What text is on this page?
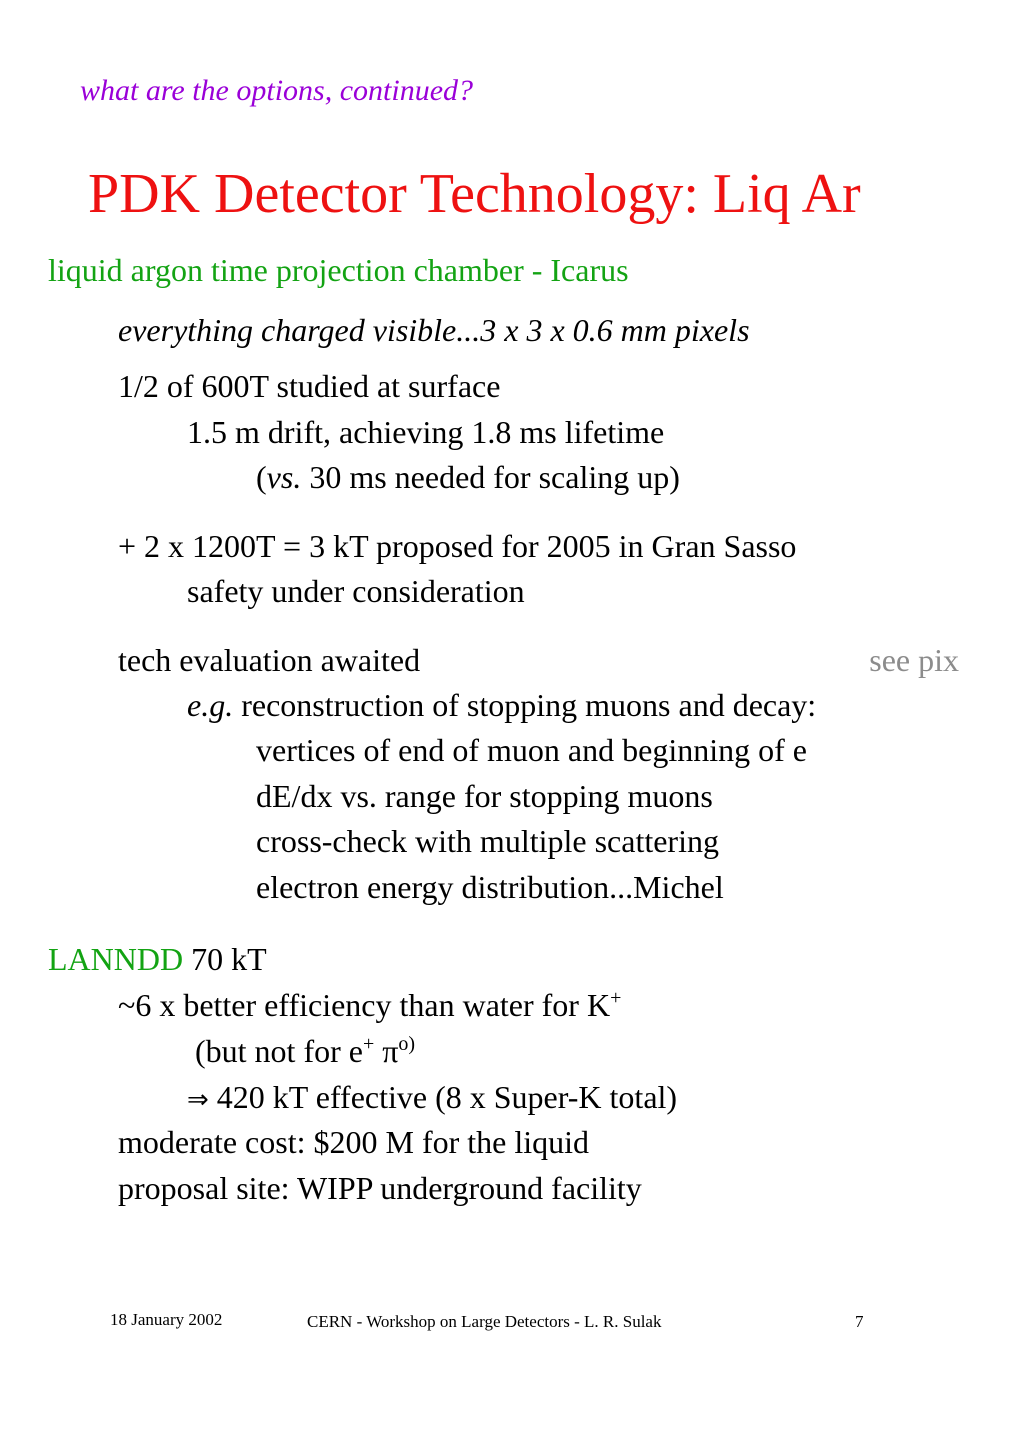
what are the options, continued?
PDK Detector Technology: Liq Ar
liquid argon time projection chamber - Icarus
everything charged visible...3 x 3 x 0.6 mm pixels
1/2 of 600T studied at surface
1.5 m drift, achieving 1.8 ms lifetime
(vs. 30 ms needed for scaling up)
+ 2 x 1200T = 3 kT proposed for 2005 in Gran Sasso
safety under consideration
tech evaluation awaited	see pix
e.g. reconstruction of stopping muons and decay:
vertices of end of muon and beginning of e
dE/dx vs. range for stopping muons
cross-check with multiple scattering
electron energy distribution...Michel
LANNDD 70 kT
~6 x better efficiency than water for K+
(but not for e+ $\pi^{o)}$
⇒ 420 kT effective (8 x Super-K total)
moderate cost: $200 M for the liquid
proposal site: WIPP underground facility
18 January 2002	CERN - Workshop on Large Detectors - L. R. Sulak	7
